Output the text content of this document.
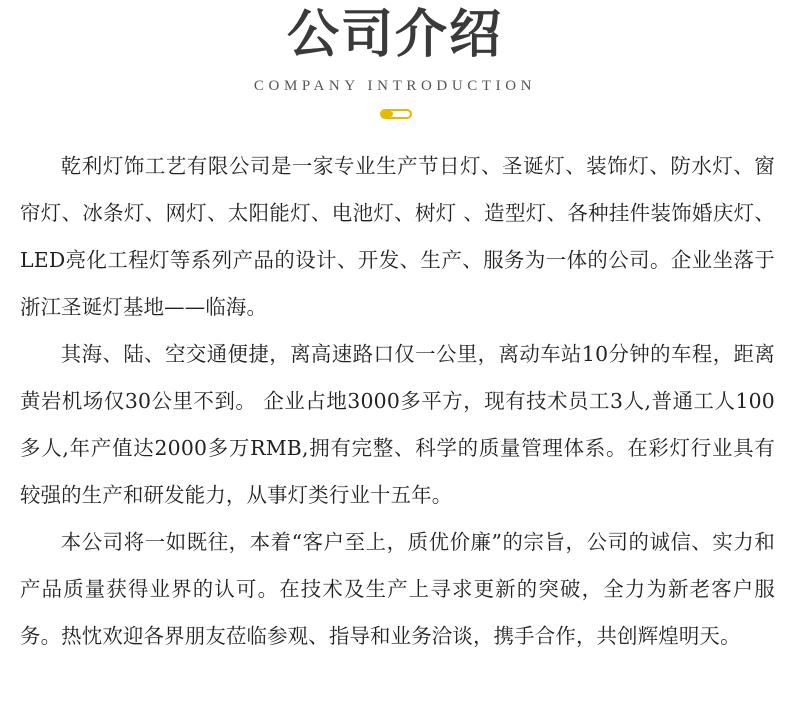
公司介绍
COMPANY INTRODUCTION

乾利灯饰工艺有限公司是一家专业生产节日灯、圣诞灯、装饰灯、防水灯、窗帘灯、冰条灯、网灯、太阳能灯、电池灯、树灯 、造型灯、各种挂件装饰婚庆灯、LED亮化工程灯等系列产品的设计、开发、生产、服务为一体的公司。企业坐落于浙江圣诞灯基地——临海。

其海、陆、空交通便捷，离高速路口仅一公里，离动车站10分钟的车程，距离黄岩机场仅30公里不到。 企业占地3000多平方，现有技术员工3人,普通工人100多人,年产值达2000多万RMB,拥有完整、科学的质量管理体系。在彩灯行业具有较强的生产和研发能力，从事灯类行业十五年。

本公司将一如既往，本着“客户至上，质优价廉”的宗旨，公司的诚信、实力和产品质量获得业界的认可。在技术及生产上寻求更新的突破，全力为新老客户服务。热忱欢迎各界朋友莅临参观、指导和业务洽谈，携手合作，共创辉煌明天。
